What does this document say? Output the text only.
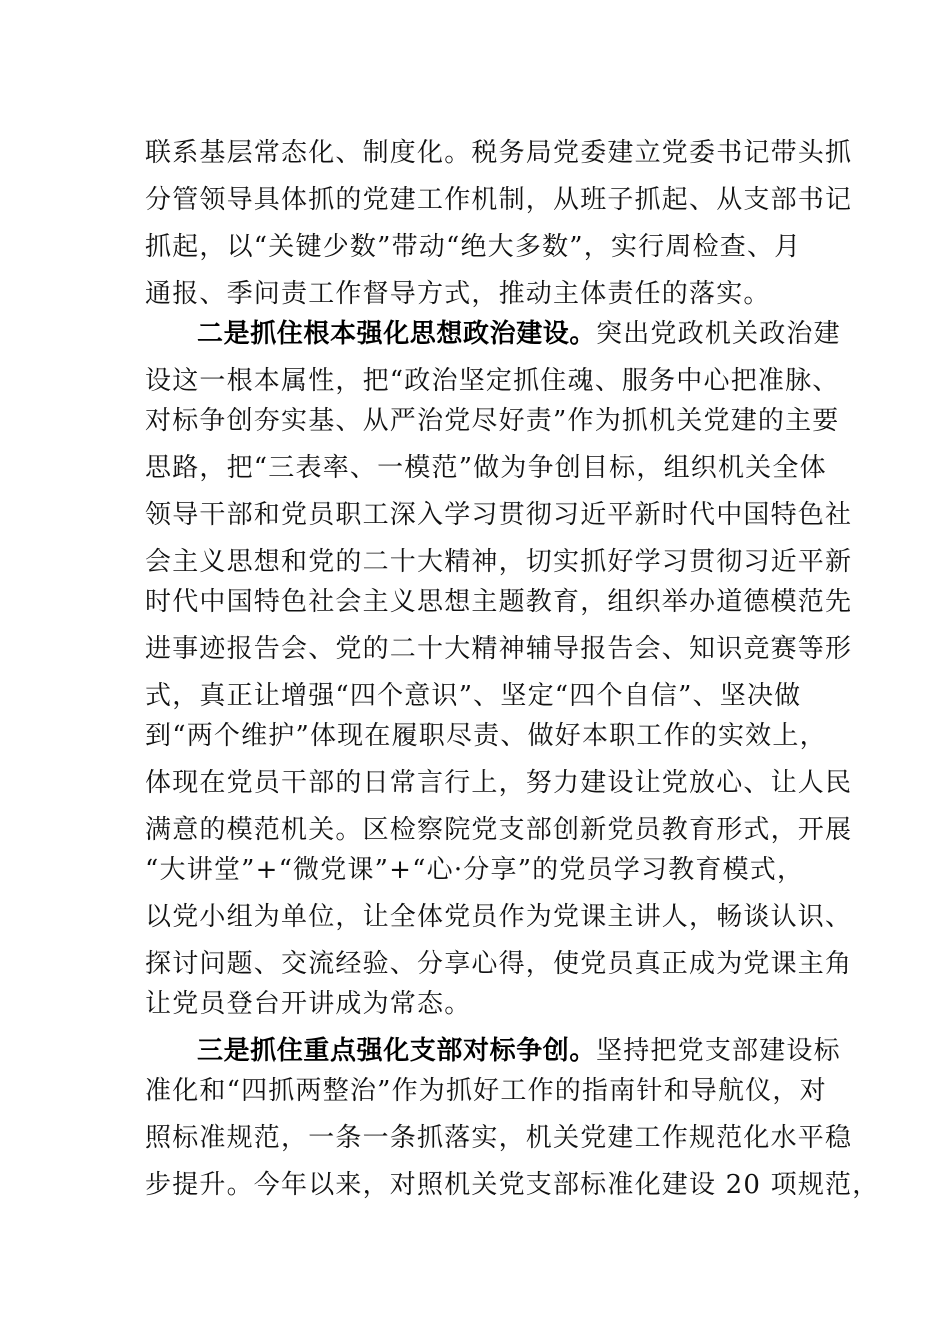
联系基层常态化、制度化。税务局党委建立党委书记带头抓
分管领导具体抓的党建工作机制，从班子抓起、从支部书记
抓起，以“关键少数”带动“绝大多数”，实行周检查、月
通报、季问责工作督导方式，推动主体责任的落实。
二是抓住根本强化思想政治建设。突出党政机关政治建
设这一根本属性，把“政治坚定抓住魂、服务中心把准脉、
对标争创夯实基、从严治党尽好责”作为抓机关党建的主要
思路，把“三表率、一模范”做为争创目标，组织机关全体
领导干部和党员职工深入学习贯彻习近平新时代中国特色社
会主义思想和党的二十大精神，切实抓好学习贯彻习近平新
时代中国特色社会主义思想主题教育，组织举办道德模范先
进事迹报告会、党的二十大精神辅导报告会、知识竞赛等形
式，真正让增强“四个意识”、坚定“四个自信”、坚决做
到“两个维护”体现在履职尽责、做好本职工作的实效上，
体现在党员干部的日常言行上，努力建设让党放心、让人民
满意的模范机关。区检察院党支部创新党员教育形式，开展
“大讲堂”+“微党课”+“心·分享”的党员学习教育模式，
以党小组为单位，让全体党员作为党课主讲人，畅谈认识、
探讨问题、交流经验、分享心得，使党员真正成为党课主角
让党员登台开讲成为常态。
三是抓住重点强化支部对标争创。坚持把党支部建设标
准化和“四抓两整治”作为抓好工作的指南针和导航仪，对
照标准规范，一条一条抓落实，机关党建工作规范化水平稳
步提升。今年以来，对照机关党支部标准化建设 20 项规范，
